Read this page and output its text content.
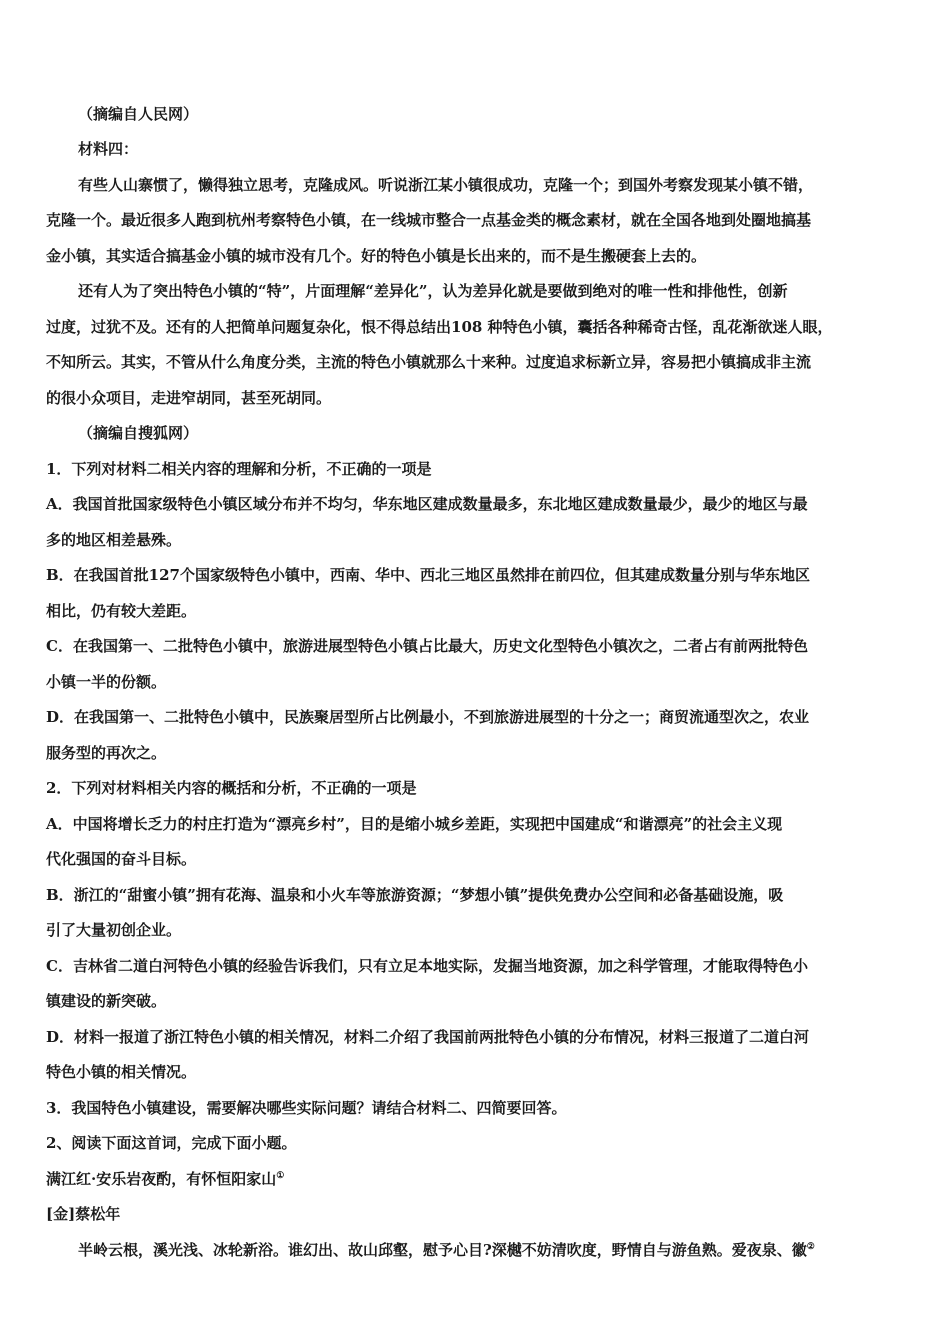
（摘编自人民网）

材料四：

有些人山寨惯了，懒得独立思考，克隆成风。听说浙江某小镇很成功，克隆一个；到国外考察发现某小镇不错，

克隆一个。最近很多人跑到杭州考察特色小镇，在一线城市整合一点基金类的概念素材，就在全国各地到处圈地搞基

金小镇，其实适合搞基金小镇的城市没有几个。好的特色小镇是长出来的，而不是生搬硬套上去的。

还有人为了突出特色小镇的“特”，片面理解“差异化”，认为差异化就是要做到绝对的唯一性和排他性，创新

过度，过犹不及。还有的人把简单问题复杂化，恨不得总结出108 种特色小镇，囊括各种稀奇古怪，乱花渐欲迷人眼，

不知所云。其实，不管从什么角度分类，主流的特色小镇就那么十来种。过度追求标新立异，容易把小镇搞成非主流

的很小众项目，走进窄胡同，甚至死胡同。

（摘编自搜狐网）

1．下列对材料二相关内容的理解和分析，不正确的一项是

A．我国首批国家级特色小镇区域分布并不均匀，华东地区建成数量最多，东北地区建成数量最少，最少的地区与最

多的地区相差悬殊。

B．在我国首批127个国家级特色小镇中，西南、华中、西北三地区虽然排在前四位，但其建成数量分别与华东地区

相比，仍有较大差距。

C．在我国第一、二批特色小镇中，旅游进展型特色小镇占比最大，历史文化型特色小镇次之，二者占有前两批特色

小镇一半的份额。

D．在我国第一、二批特色小镇中，民族聚居型所占比例最小，不到旅游进展型的十分之一；商贸流通型次之，农业

服务型的再次之。

2．下列对材料相关内容的概括和分析，不正确的一项是

A．中国将增长乏力的村庄打造为“漂亮乡村”，目的是缩小城乡差距，实现把中国建成“和谐漂亮”的社会主义现

代化强国的奋斗目标。

B．浙江的“甜蜜小镇”拥有花海、温泉和小火车等旅游资源；“梦想小镇”提供免费办公空间和必备基础设施，吸

引了大量初创企业。

C．吉林省二道白河特色小镇的经验告诉我们，只有立足本地实际，发掘当地资源，加之科学管理，才能取得特色小

镇建设的新突破。

D．材料一报道了浙江特色小镇的相关情况，材料二介绍了我国前两批特色小镇的分布情况，材料三报道了二道白河

特色小镇的相关情况。

3．我国特色小镇建设，需要解决哪些实际问题？请结合材料二、四简要回答。

2、阅读下面这首词，完成下面小题。

满江红·安乐岩夜酌，有怀恒阳家山①

[金]蔡松年

半岭云根，溪光浅、冰轮新浴。谁幻出、故山邱壑，慰予心目?深樾不妨清吹度，野情自与游鱼熟。爱夜泉、徽②
